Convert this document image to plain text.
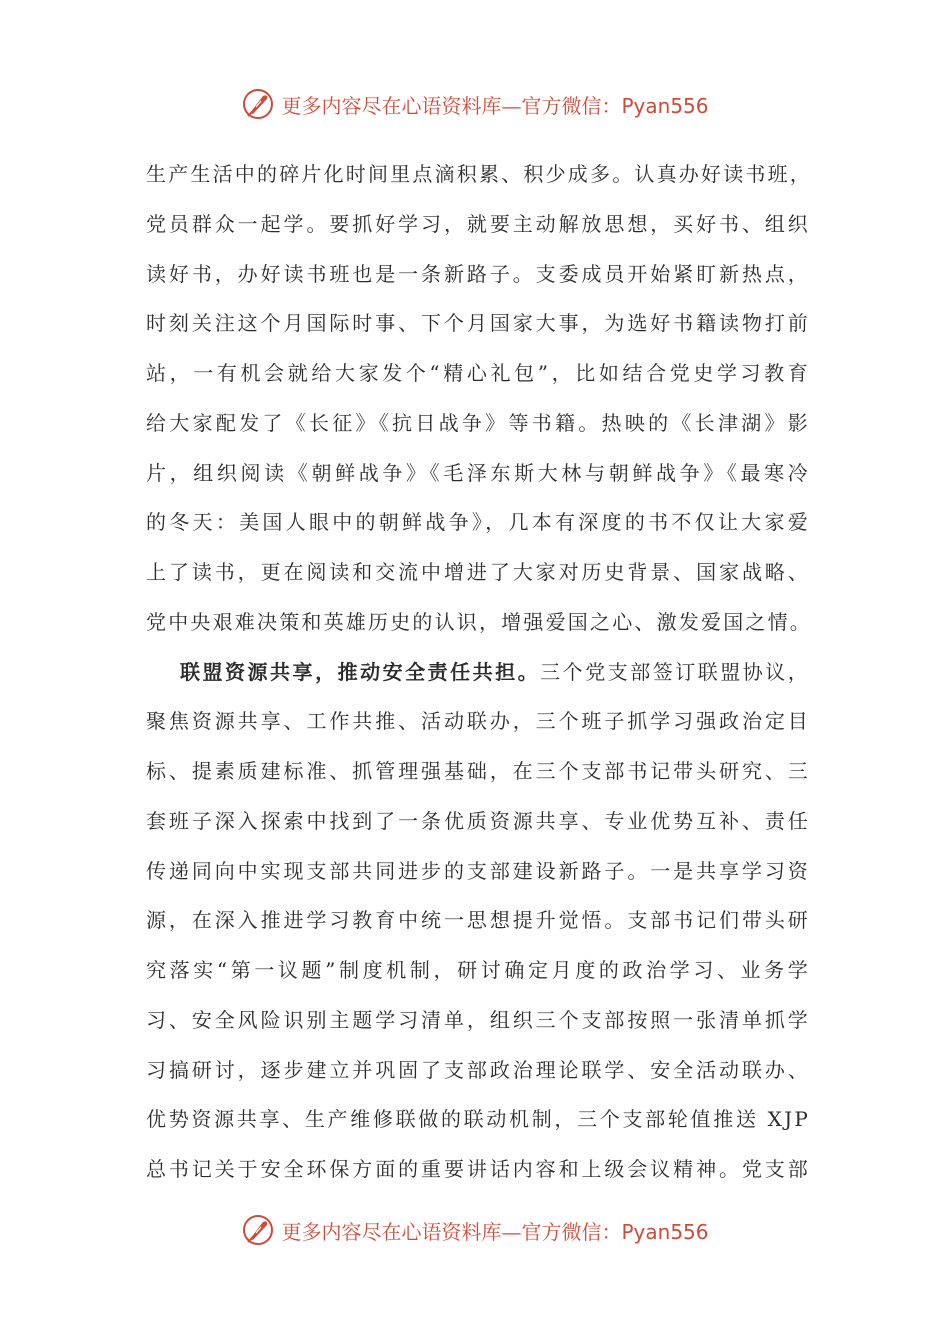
更多内容尽在心语资料库—官方微信：Pyan556
生产生活中的碎片化时间里点滴积累、积少成多。认真办好读书班，
党员群众一起学。要抓好学习，就要主动解放思想，买好书、组织
读好书，办好读书班也是一条新路子。支委成员开始紧盯新热点，
时刻关注这个月国际时事、下个月国家大事，为选好书籍读物打前
站，一有机会就给大家发个“精心礼包”，比如结合党史学习教育
给大家配发了《长征》《抗日战争》等书籍。热映的《长津湖》影
片，组织阅读《朝鲜战争》《毛泽东斯大林与朝鲜战争》《最寒冷
的冬天：美国人眼中的朝鲜战争》，几本有深度的书不仅让大家爱
上了读书，更在阅读和交流中增进了大家对历史背景、国家战略、
党中央艰难决策和英雄历史的认识，增强爱国之心、激发爱国之情。
联盟资源共享，推动安全责任共担。三个党支部签订联盟协议，
聚焦资源共享、工作共推、活动联办，三个班子抓学习强政治定目
标、提素质建标准、抓管理强基础，在三个支部书记带头研究、三
套班子深入探索中找到了一条优质资源共享、专业优势互补、责任
传递同向中实现支部共同进步的支部建设新路子。一是共享学习资
源，在深入推进学习教育中统一思想提升觉悟。支部书记们带头研
究落实“第一议题”制度机制，研讨确定月度的政治学习、业务学
习、安全风险识别主题学习清单，组织三个支部按照一张清单抓学
习搞研讨，逐步建立并巩固了支部政治理论联学、安全活动联办、
优势资源共享、生产维修联做的联动机制，三个支部轮值推送 XJP
总书记关于安全环保方面的重要讲话内容和上级会议精神。党支部
更多内容尽在心语资料库—官方微信：Pyan556
